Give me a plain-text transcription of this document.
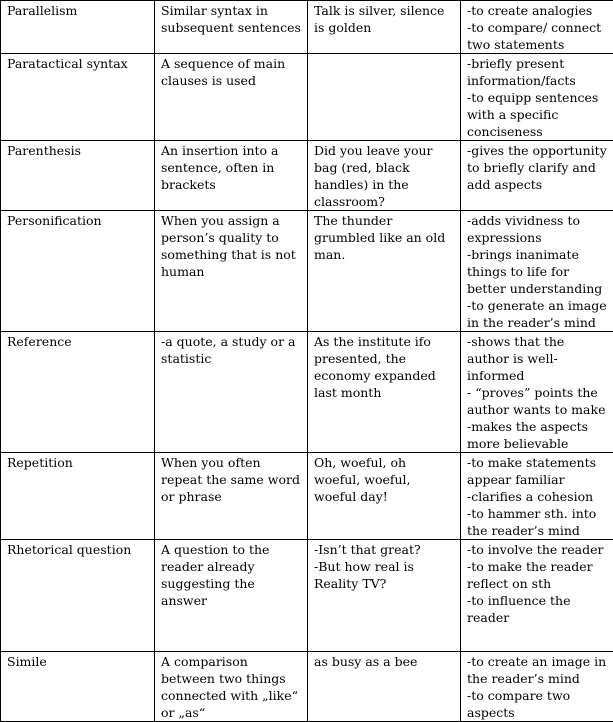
Parallelism	Similar syntax in subsequent sentences	Talk is silver, silence is golden	-to create analogies
-to compare/ connect two statements

Paratactical syntax	A sequence of main clauses is used		-briefly present information/facts
-to equipp sentences with a specific conciseness

Parenthesis	An insertion into a sentence, often in brackets	Did you leave your bag (red, black handles) in the classroom?	-gives the opportunity to briefly clarify and add aspects

Personification	When you assign a person’s quality to something that is not human	The thunder grumbled like an old man.	-adds vividness to expressions
-brings inanimate things to life for better understanding
-to generate an image in the reader’s mind

Reference	-a quote, a study or a statistic	As the institute ifo presented, the economy expanded last month	-shows that the author is well-informed
- “proves” points the author wants to make
-makes the aspects more believable

Repetition	When you often repeat the same word or phrase	Oh, woeful, oh woeful, woeful, woeful day!	-to make statements appear familiar
-clarifies a cohesion
-to hammer sth. into the reader’s mind

Rhetorical question	A question to the reader already suggesting the answer	-Isn’t that great?
-But how real is Reality TV?	-to involve the reader
-to make the reader reflect on sth
-to influence the reader

Simile	A comparison between two things connected with „like“ or „as“	as busy as a bee	-to create an image in the reader’s mind
-to compare two aspects
